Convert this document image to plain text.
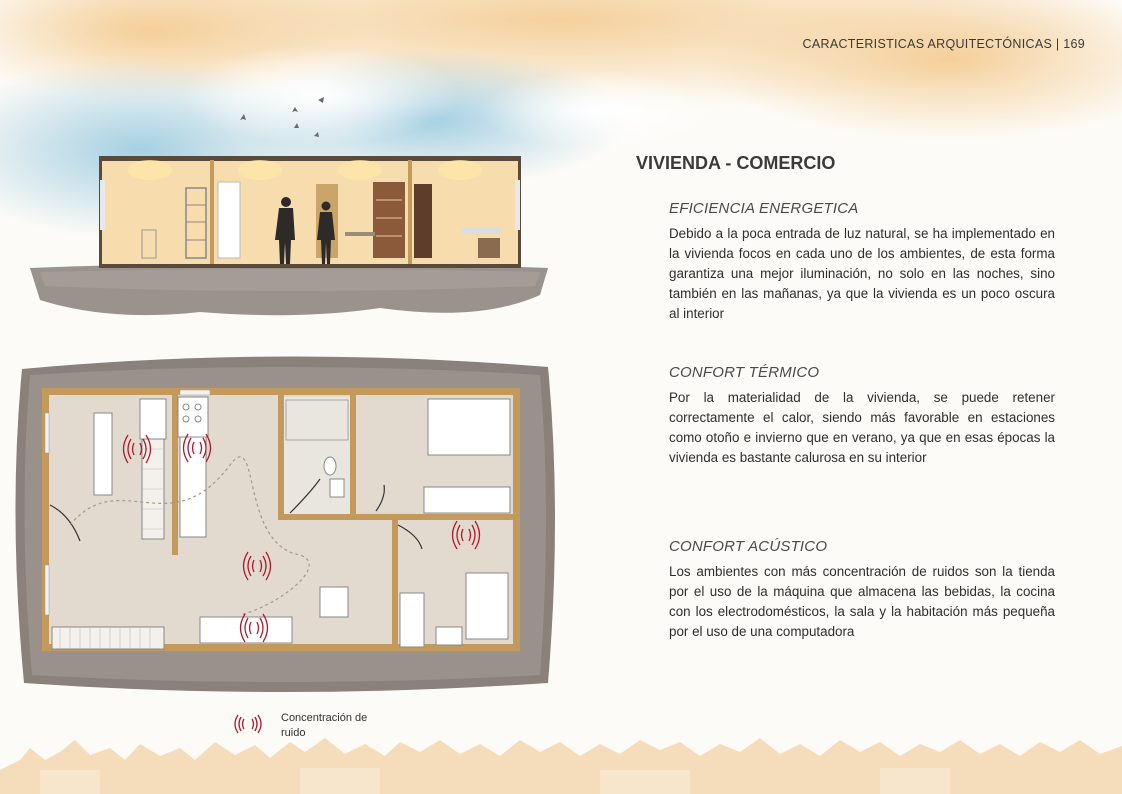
CARACTERISTICAS ARQUITECTÓNICAS | 169
VIVIENDA - COMERCIO
EFICIENCIA ENERGETICA

Debido a la poca entrada de luz natural, se ha implementado en la vivienda focos en cada uno de los ambientes, de esta forma garantiza una mejor iluminación, no solo en las noches, sino también en las mañanas, ya que la vivienda es un poco oscura al interior

CONFORT TÉRMICO

Por la materialidad de la vivienda, se puede retener correctamente el calor, siendo más favorable en estaciones como otoño e invierno que en verano, ya que en esas épocas la vivienda es bastante calurosa en su interior

CONFORT ACÚSTICO

Los ambientes con más concentración de ruidos son la tienda por el uso de la máquina que almacena las bebidas, la cocina con los electrodomésticos, la sala y la habitación más pequeña por el uso de una computadora

Concentración de ruido
